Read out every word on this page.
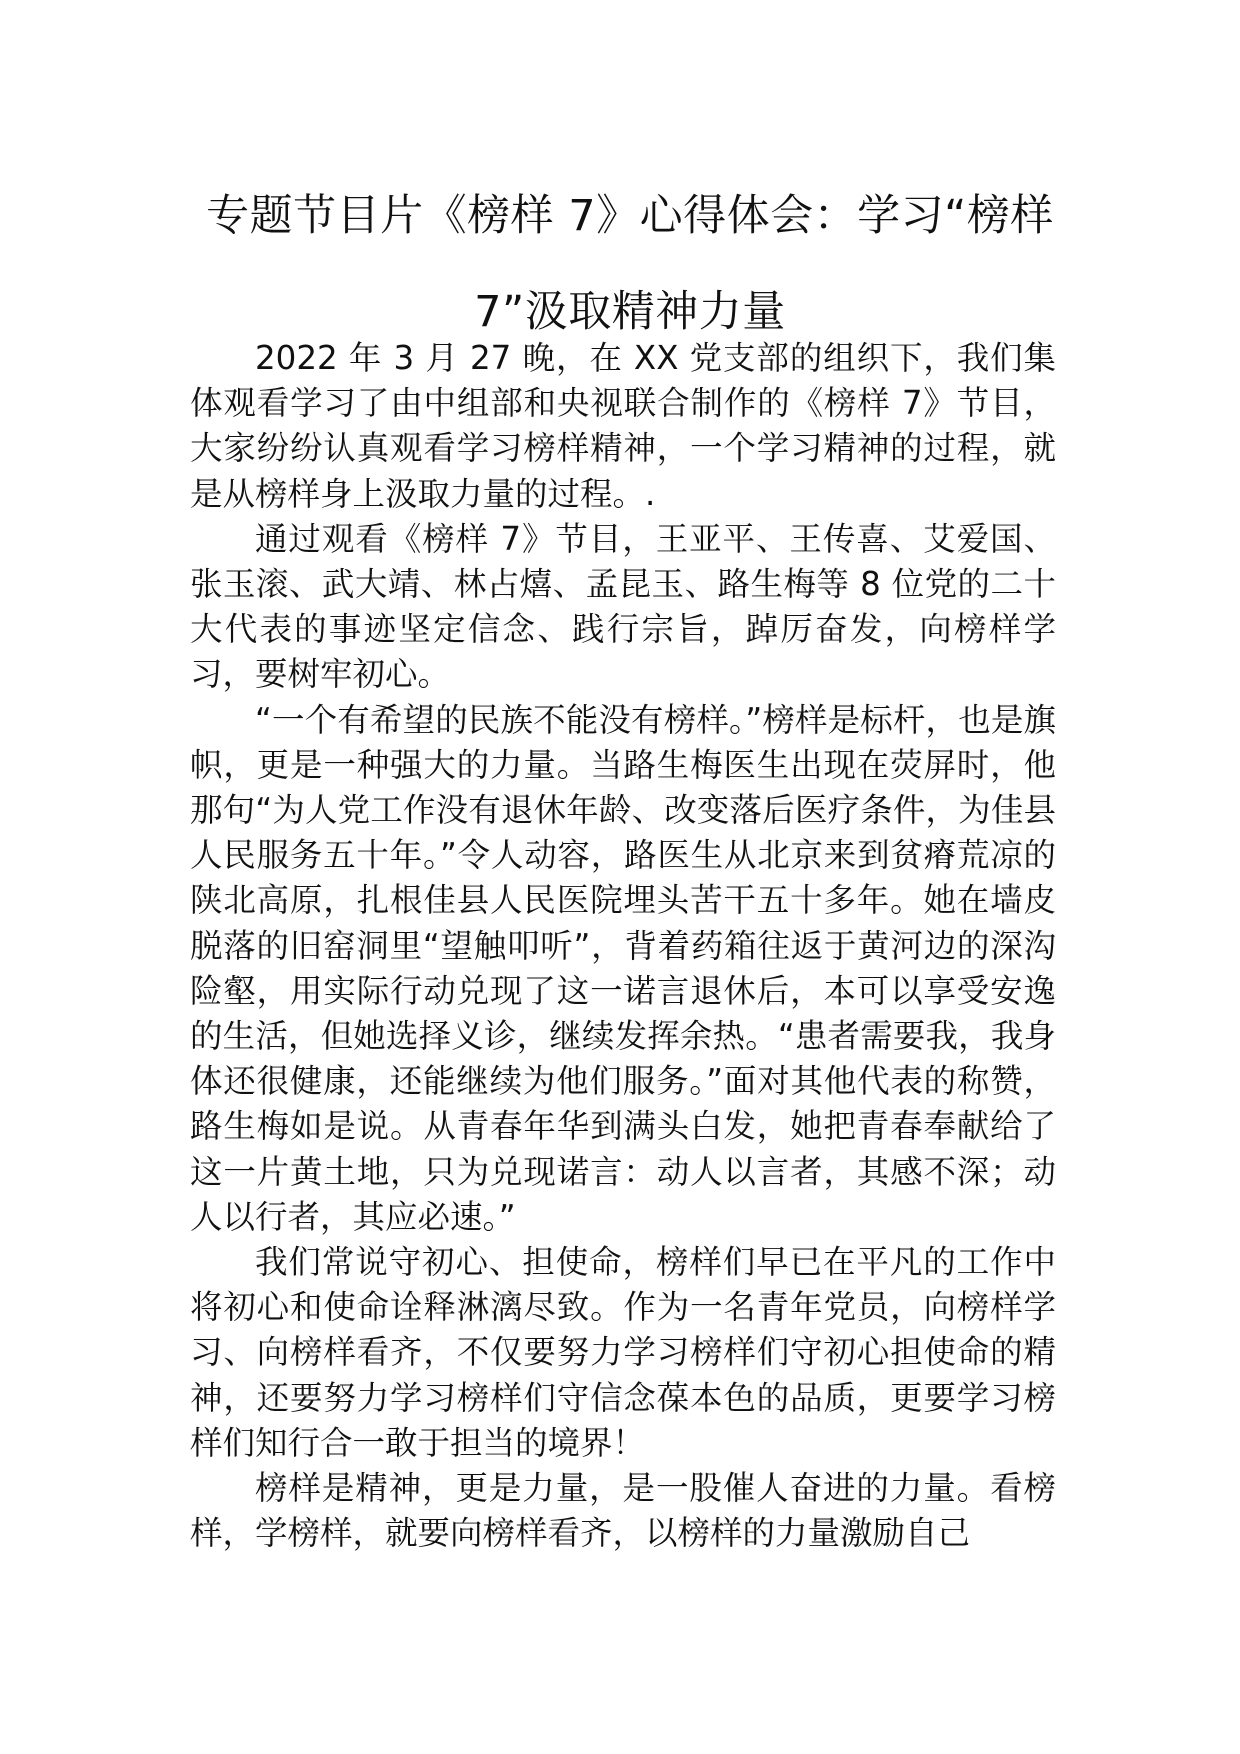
专题节目片《榜样 7》心得体会：学习“榜样 7”汲取精神力量

2022 年 3 月 27 晚，在 XX 党支部的组织下，我们集体观看学习了由中组部和央视联合制作的《榜样 7》节目，大家纷纷认真观看学习榜样精神，一个学习精神的过程，就是从榜样身上汲取力量的过程。.

通过观看《榜样 7》节目，王亚平、王传喜、艾爱国、张玉滚、武大靖、林占熺、孟昆玉、路生梅等 8 位党的二十大代表的事迹坚定信念、践行宗旨，踔厉奋发，向榜样学习，要树牢初心。

“一个有希望的民族不能没有榜样。”榜样是标杆，也是旗帜，更是一种强大的力量。当路生梅医生出现在荧屏时，他那句“为人党工作没有退休年龄、改变落后医疗条件，为佳县人民服务五十年。”令人动容，路医生从北京来到贫瘠荒凉的陕北高原，扎根佳县人民医院埋头苦干五十多年。她在墙皮脱落的旧窑洞里“望触叩听”，背着药箱往返于黄河边的深沟险壑，用实际行动兑现了这一诺言退休后，本可以享受安逸的生活，但她选择义诊，继续发挥余热。“患者需要我，我身体还很健康，还能继续为他们服务。”面对其他代表的称赞，路生梅如是说。从青春年华到满头白发，她把青春奉献给了这一片黄土地，只为兑现诺言：动人以言者，其感不深；动人以行者，其应必速。”

我们常说守初心、担使命，榜样们早已在平凡的工作中将初心和使命诠释淋漓尽致。作为一名青年党员，向榜样学习、向榜样看齐，不仅要努力学习榜样们守初心担使命的精神，还要努力学习榜样们守信念葆本色的品质，更要学习榜样们知行合一敢于担当的境界！

榜样是精神，更是力量，是一股催人奋进的力量。看榜样，学榜样，就要向榜样看齐，以榜样的力量激励自己
